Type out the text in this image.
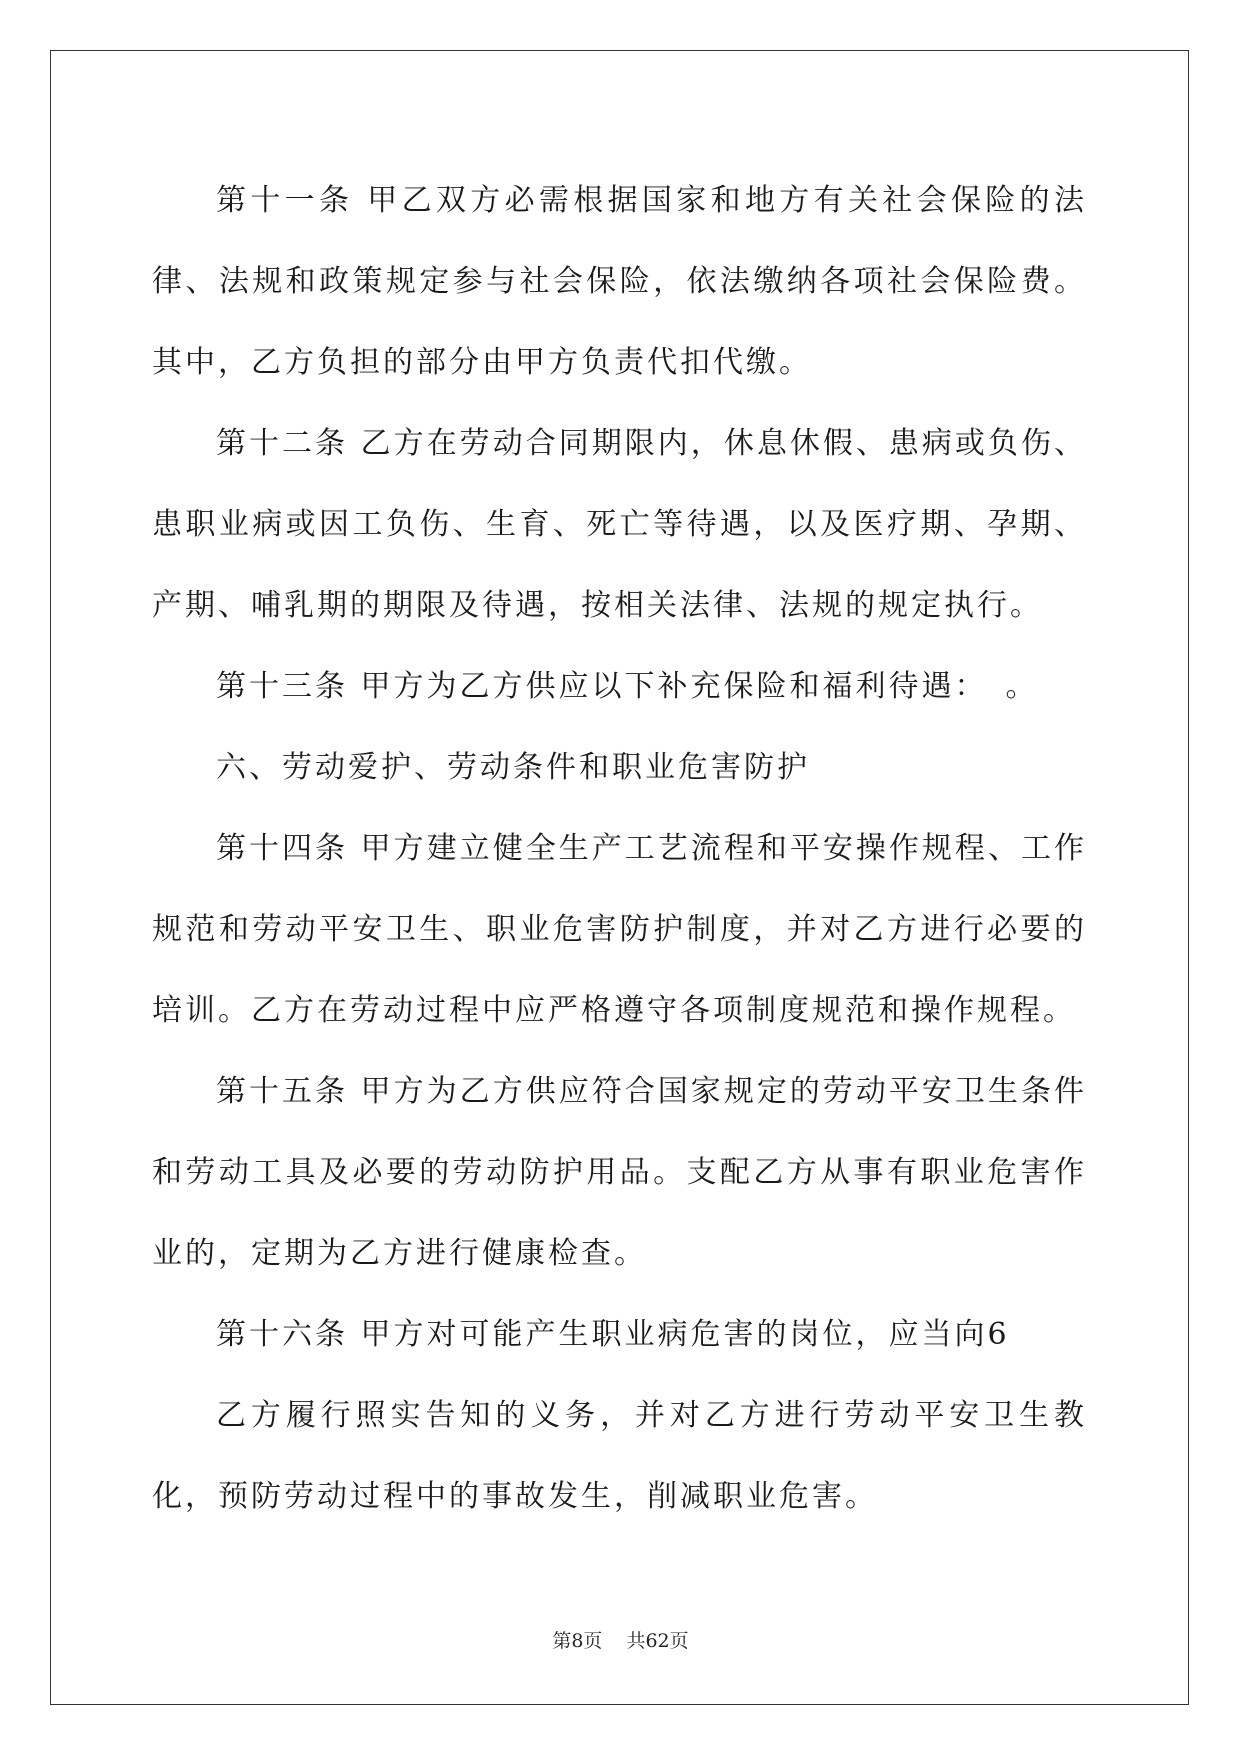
第十一条 甲乙双方必需根据国家和地方有关社会保险的法律、法规和政策规定参与社会保险，依法缴纳各项社会保险费。其中，乙方负担的部分由甲方负责代扣代缴。

第十二条 乙方在劳动合同期限内，休息休假、患病或负伤、患职业病或因工负伤、生育、死亡等待遇，以及医疗期、孕期、产期、哺乳期的期限及待遇，按相关法律、法规的规定执行。

第十三条 甲方为乙方供应以下补充保险和福利待遇：　。

六、劳动爱护、劳动条件和职业危害防护

第十四条 甲方建立健全生产工艺流程和平安操作规程、工作规范和劳动平安卫生、职业危害防护制度，并对乙方进行必要的培训。乙方在劳动过程中应严格遵守各项制度规范和操作规程。

第十五条 甲方为乙方供应符合国家规定的劳动平安卫生条件和劳动工具及必要的劳动防护用品。支配乙方从事有职业危害作业的，定期为乙方进行健康检查。

第十六条 甲方对可能产生职业病危害的岗位，应当向6

乙方履行照实告知的义务，并对乙方进行劳动平安卫生教化，预防劳动过程中的事故发生，削减职业危害。

第8页 共62页
